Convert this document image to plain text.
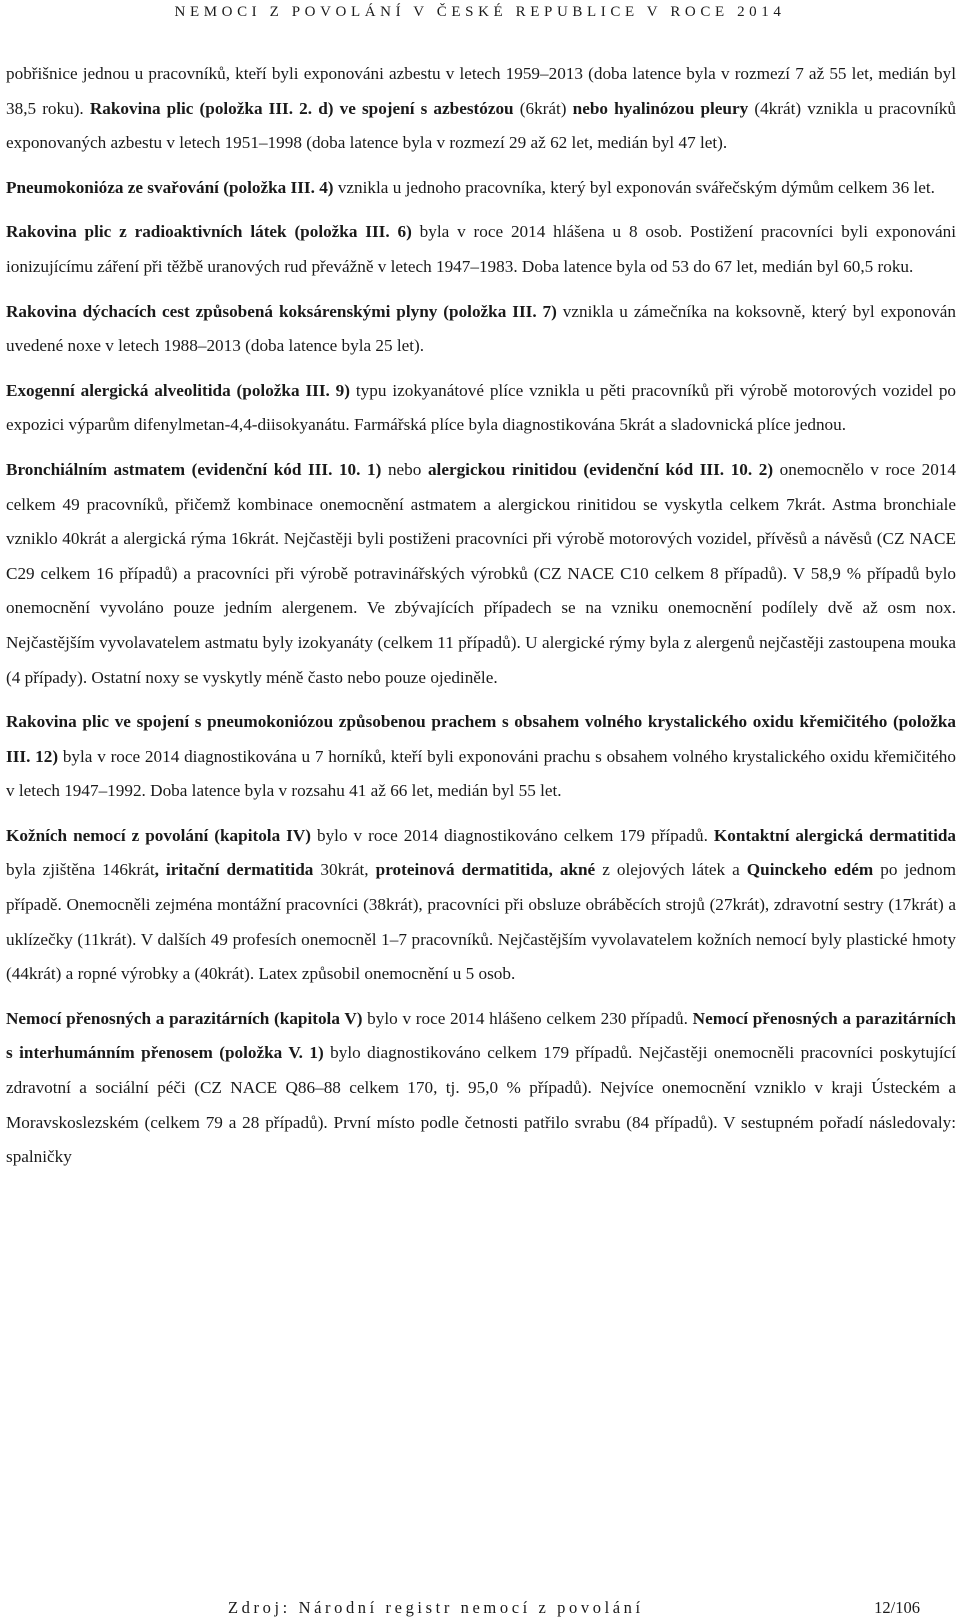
NEMOCI Z POVOLÁNÍ V ČESKÉ REPUBLICE V ROCE 2014

pobřišnice jednou u pracovníků, kteří byli exponováni azbestu v letech 1959–2013 (doba latence byla v rozmezí 7 až 55 let, medián byl 38,5 roku). Rakovina plic (položka III. 2. d) ve spojení s azbestózou (6krát) nebo hyalinózou pleury (4krát) vznikla u pracovníků exponovaných azbestu v letech 1951–1998 (doba latence byla v rozmezí 29 až 62 let, medián byl 47 let).

Pneumokonióza ze svařování (položka III. 4) vznikla u jednoho pracovníka, který byl exponován svářečským dýmům celkem 36 let.

Rakovina plic z radioaktivních látek (položka III. 6) byla v roce 2014 hlášena u 8 osob. Postižení pracovníci byli exponováni ionizujícímu záření při těžbě uranových rud převážně v letech 1947–1983. Doba latence byla od 53 do 67 let, medián byl 60,5 roku.

Rakovina dýchacích cest způsobená koksárenskými plyny (položka III. 7) vznikla u zámečníka na koksovně, který byl exponován uvedené noxe v letech 1988–2013 (doba latence byla 25 let).

Exogenní alergická alveolitida (položka III. 9) typu izokyanátové plíce vznikla u pěti pracovníků při výrobě motorových vozidel po expozici výparům difenylmetan-4,4-diisokyanátu. Farmářská plíce byla diagnostikována 5krát a sladovnická plíce jednou.

Bronchiálním astmatem (evidenční kód III. 10. 1) nebo alergickou rinitidou (evidenční kód III. 10. 2) onemocnělo v roce 2014 celkem 49 pracovníků, přičemž kombinace onemocnění astmatem a alergickou rinitidou se vyskytla celkem 7krát. Astma bronchiale vzniklo 40krát a alergická rýma 16krát. Nejčastěji byli postiženi pracovníci při výrobě motorových vozidel, přívěsů a návěsů (CZ NACE C29 celkem 16 případů) a pracovníci při výrobě potravinářských výrobků (CZ NACE C10 celkem 8 případů). V 58,9 % případů bylo onemocnění vyvoláno pouze jedním alergenem. Ve zbývajících případech se na vzniku onemocnění podílely dvě až osm nox. Nejčastějším vyvolavatelem astmatu byly izokyanáty (celkem 11 případů). U alergické rýmy byla z alergenů nejčastěji zastoupena mouka (4 případy). Ostatní noxy se vyskytly méně často nebo pouze ojediněle.

Rakovina plic ve spojení s pneumokoniózou způsobenou prachem s obsahem volného krystalického oxidu křemičitého (položka III. 12) byla v roce 2014 diagnostikována u 7 horníků, kteří byli exponováni prachu s obsahem volného krystalického oxidu křemičitého v letech 1947–1992. Doba latence byla v rozsahu 41 až 66 let, medián byl 55 let.

Kožních nemocí z povolání (kapitola IV) bylo v roce 2014 diagnostikováno celkem 179 případů. Kontaktní alergická dermatitida byla zjištěna 146krát, iritační dermatitida 30krát, proteinová dermatitida, akné z olejových látek a Quinckeho edém po jednom případě. Onemocněli zejména montážní pracovníci (38krát), pracovníci při obsluze obráběcích strojů (27krát), zdravotní sestry (17krát) a uklízečky (11krát). V dalších 49 profesích onemocněl 1–7 pracovníků. Nejčastějším vyvolavatelem kožních nemocí byly plastické hmoty (44krát) a ropné výrobky a (40krát). Latex způsobil onemocnění u 5 osob.

Nemocí přenosných a parazitárních (kapitola V) bylo v roce 2014 hlášeno celkem 230 případů. Nemocí přenosných a parazitárních s interhumánním přenosem (položka V. 1) bylo diagnostikováno celkem 179 případů. Nejčastěji onemocněli pracovníci poskytující zdravotní a sociální péči (CZ NACE Q86–88 celkem 170, tj. 95,0 % případů). Nejvíce onemocnění vzniklo v kraji Ústeckém a Moravskoslezském (celkem 79 a 28 případů). První místo podle četnosti patřilo svrabu (84 případů). V sestupném pořadí následovaly: spalničky

Zdroj: Národní registr nemocí z povolání	12/106
